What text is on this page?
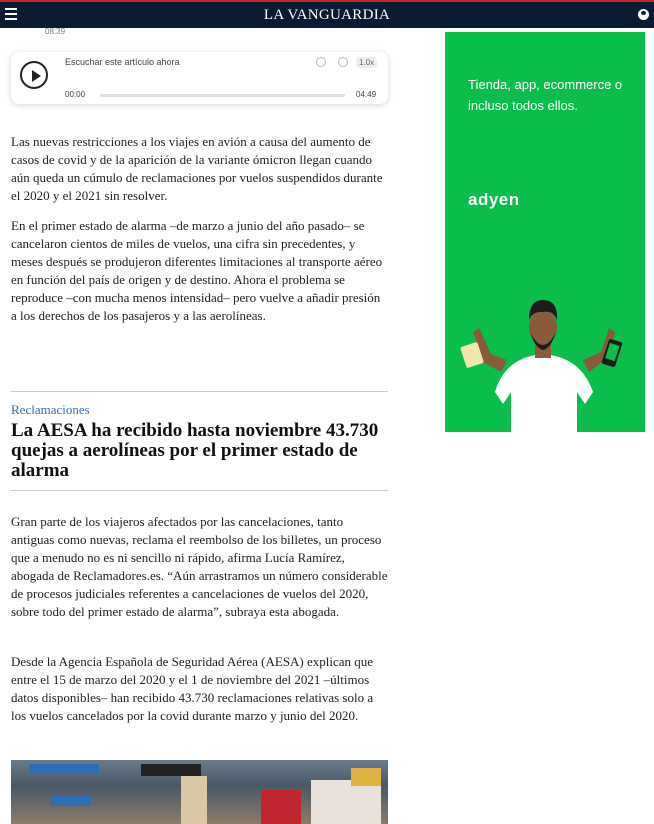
LA VANGUARDIA
08:39
Escuchar este artículo ahora	1.0x
00:00	04:49

Las nuevas restricciones a los viajes en avión a causa del aumento de casos de covid y de la aparición de la variante ómicron llegan cuando aún queda un cúmulo de reclamaciones por vuelos suspendidos durante el 2020 y el 2021 sin resolver.

En el primer estado de alarma –de marzo a junio del año pasado– se cancelaron cientos de miles de vuelos, una cifra sin precedentes, y meses después se produjeron diferentes limitaciones al transporte aéreo en función del país de origen y de destino. Ahora el problema se reproduce –con mucha menos intensidad– pero vuelve a añadir presión a los derechos de los pasajeros y a las aerolíneas.

Reclamaciones
La AESA ha recibido hasta noviembre 43.730 quejas a aerolíneas por el primer estado de alarma

Gran parte de los viajeros afectados por las cancelaciones, tanto antiguas como nuevas, reclama el reembolso de los billetes, un proceso que a menudo no es ni sencillo ni rápido, afirma Lucía Ramírez, abogada de Reclamadores.es. “Aún arrastramos un número considerable de procesos judiciales referentes a cancelaciones de vuelos del 2020, sobre todo del primer estado de alarma”, subraya esta abogada.

Desde la Agencia Española de Seguridad Aérea (AESA) explican que entre el 15 de marzo del 2020 y el 1 de noviembre del 2021 –últimos datos disponibles– han recibido 43.730 reclamaciones relativas solo a los vuelos cancelados por la covid durante marzo y junio del 2020.

Tienda, app, ecommerce o incluso todos ellos.
adyen
